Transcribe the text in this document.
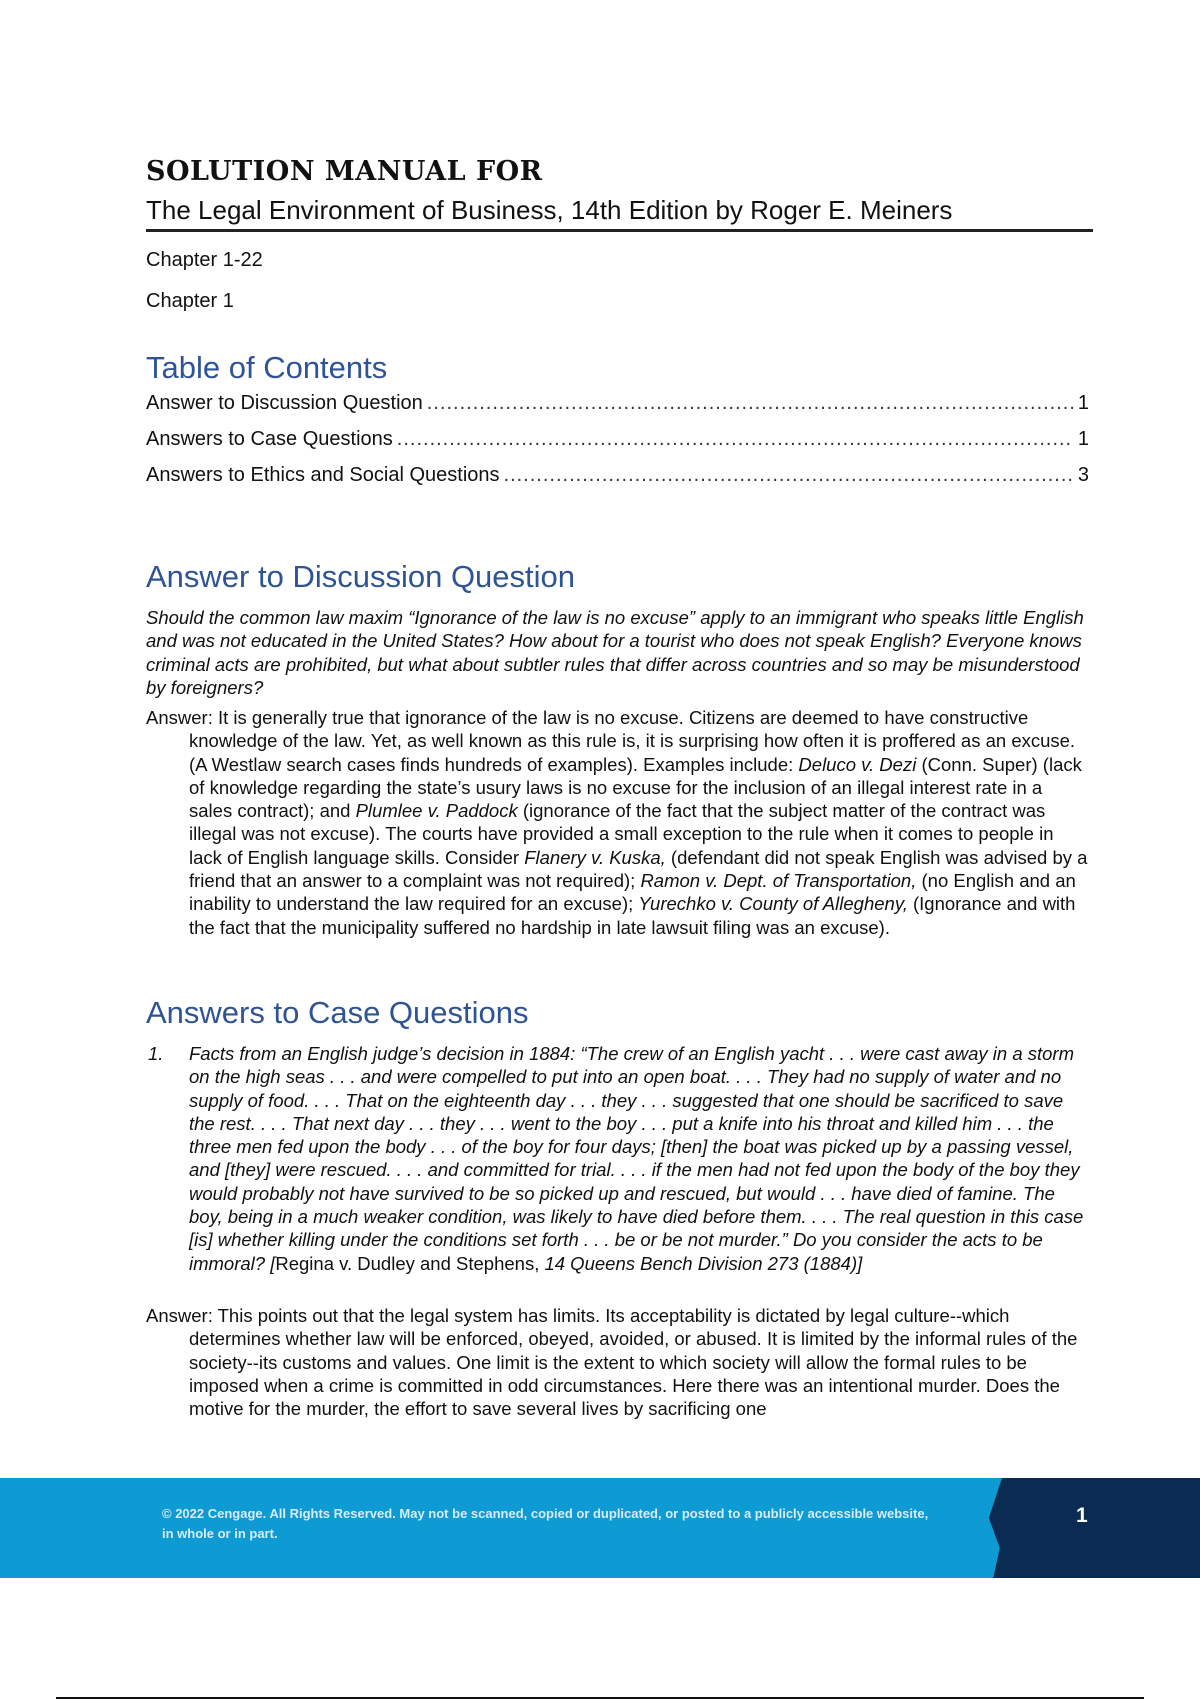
SOLUTION MANUAL FOR
The Legal Environment of Business, 14th Edition by Roger E. Meiners
Chapter 1-22
Chapter 1
Table of Contents
Answer to Discussion Question .....	1
Answers to Case Questions .....	1
Answers to Ethics and Social Questions .....	3
Answer to Discussion Question

Should the common law maxim “Ignorance of the law is no excuse” apply to an immigrant who speaks little English and was not educated in the United States? How about for a tourist who does not speak English? Everyone knows criminal acts are prohibited, but what about subtler rules that differ across countries and so may be misunderstood by foreigners?

Answer: It is generally true that ignorance of the law is no excuse. Citizens are deemed to have constructive knowledge of the law. Yet, as well known as this rule is, it is surprising how often it is proffered as an excuse. (A Westlaw search cases finds hundreds of examples). Examples include: Deluco v. Dezi (Conn. Super) (lack of knowledge regarding the state’s usury laws is no excuse for the inclusion of an illegal interest rate in a sales contract); and Plumlee v. Paddock (ignorance of the fact that the subject matter of the contract was illegal was not excuse). The courts have provided a small exception to the rule when it comes to people in lack of English language skills. Consider Flanery v. Kuska, (defendant did not speak English was advised by a friend that an answer to a complaint was not required); Ramon v. Dept. of Transportation, (no English and an inability to understand the law required for an excuse); Yurechko v. County of Allegheny, (Ignorance and with the fact that the municipality suffered no hardship in late lawsuit filing was an excuse).

Answers to Case Questions
1. Facts from an English judge’s decision in 1884: “The crew of an English yacht . . . were cast away in a storm on the high seas . . . and were compelled to put into an open boat. . . . They had no supply of water and no supply of food. . . . That on the eighteenth day . . . they . . . suggested that one should be sacrificed to save the rest. . . . That next day . . . they . . . went to the boy . . . put a knife into his throat and killed him . . . the three men fed upon the body . . . of the boy for four days; [then] the boat was picked up by a passing vessel, and [they] were rescued. . . . and committed for trial. . . . if the men had not fed upon the body of the boy they would probably not have survived to be so picked up and rescued, but would . . . have died of famine. The boy, being in a much weaker condition, was likely to have died before them. . . . The real question in this case [is] whether killing under the conditions set forth . . . be or be not murder.” Do you consider the acts to be immoral? [Regina v. Dudley and Stephens, 14 Queens Bench Division 273 (1884)]

Answer: This points out that the legal system has limits. Its acceptability is dictated by legal culture--which determines whether law will be enforced, obeyed, avoided, or abused. It is limited by the informal rules of the society--its customs and values. One limit is the extent to which society will allow the formal rules to be imposed when a crime is committed in odd circumstances. Here there was an intentional murder. Does the motive for the murder, the effort to save several lives by sacrificing one

© 2022 Cengage. All Rights Reserved. May not be scanned, copied or duplicated, or posted to a publicly accessible website, in whole or in part.
1
